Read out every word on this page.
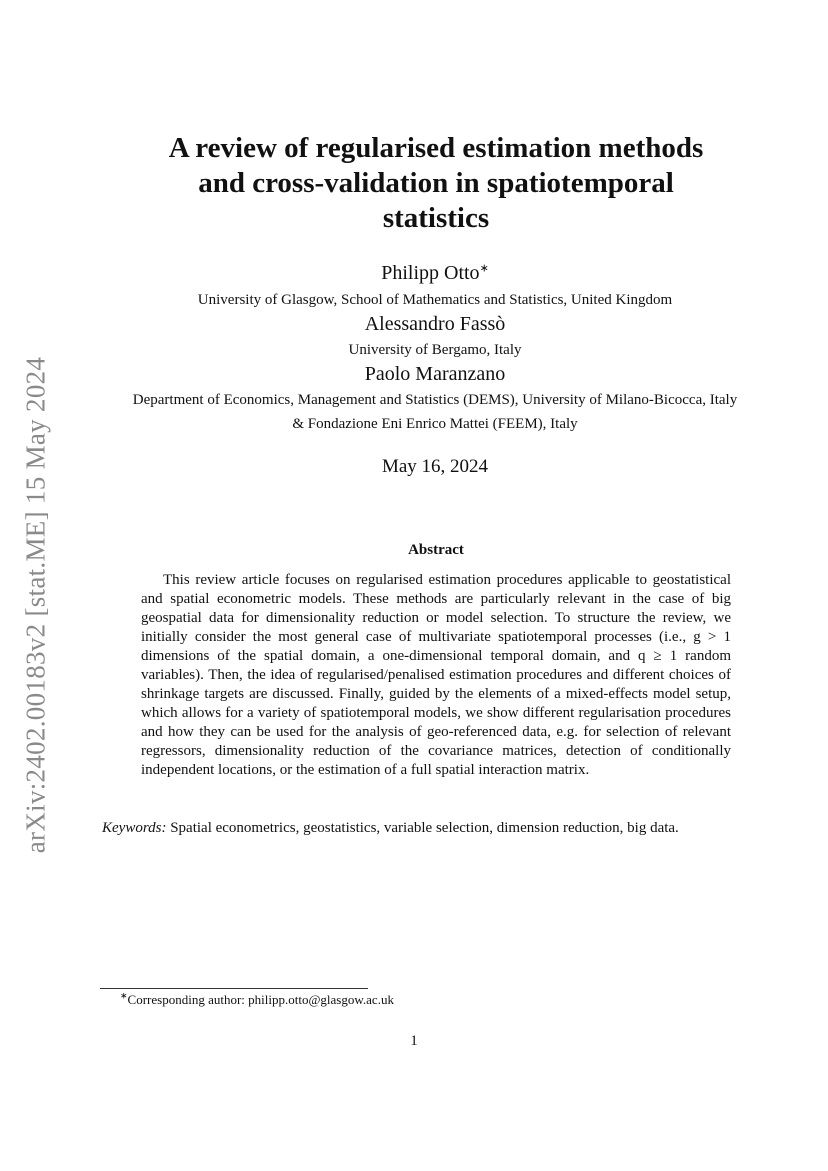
arXiv:2402.00183v2 [stat.ME] 15 May 2024
A review of regularised estimation methods
and cross-validation in spatiotemporal
statistics
Philipp Otto∗
University of Glasgow, School of Mathematics and Statistics, United Kingdom
Alessandro Fassò
University of Bergamo, Italy
Paolo Maranzano
Department of Economics, Management and Statistics (DEMS), University of Milano-Bicocca, Italy
& Fondazione Eni Enrico Mattei (FEEM), Italy
May 16, 2024
Abstract
This review article focuses on regularised estimation procedures applicable to geostatistical and spatial econometric models. These methods are particularly relevant in the case of big geospatial data for dimensionality reduction or model selection. To structure the review, we initially consider the most general case of multivariate spatiotemporal processes (i.e., g > 1 dimensions of the spatial domain, a one-dimensional temporal domain, and q ≥ 1 random variables). Then, the idea of regularised/penalised estimation procedures and different choices of shrinkage targets are discussed. Finally, guided by the elements of a mixed-effects model setup, which allows for a variety of spatiotemporal models, we show different regularisation procedures and how they can be used for the analysis of geo-referenced data, e.g. for selection of relevant regressors, dimensionality reduction of the covariance matrices, detection of conditionally independent locations, or the estimation of a full spatial interaction matrix.
Keywords: Spatial econometrics, geostatistics, variable selection, dimension reduction, big data.
∗Corresponding author: philipp.otto@glasgow.ac.uk
1
